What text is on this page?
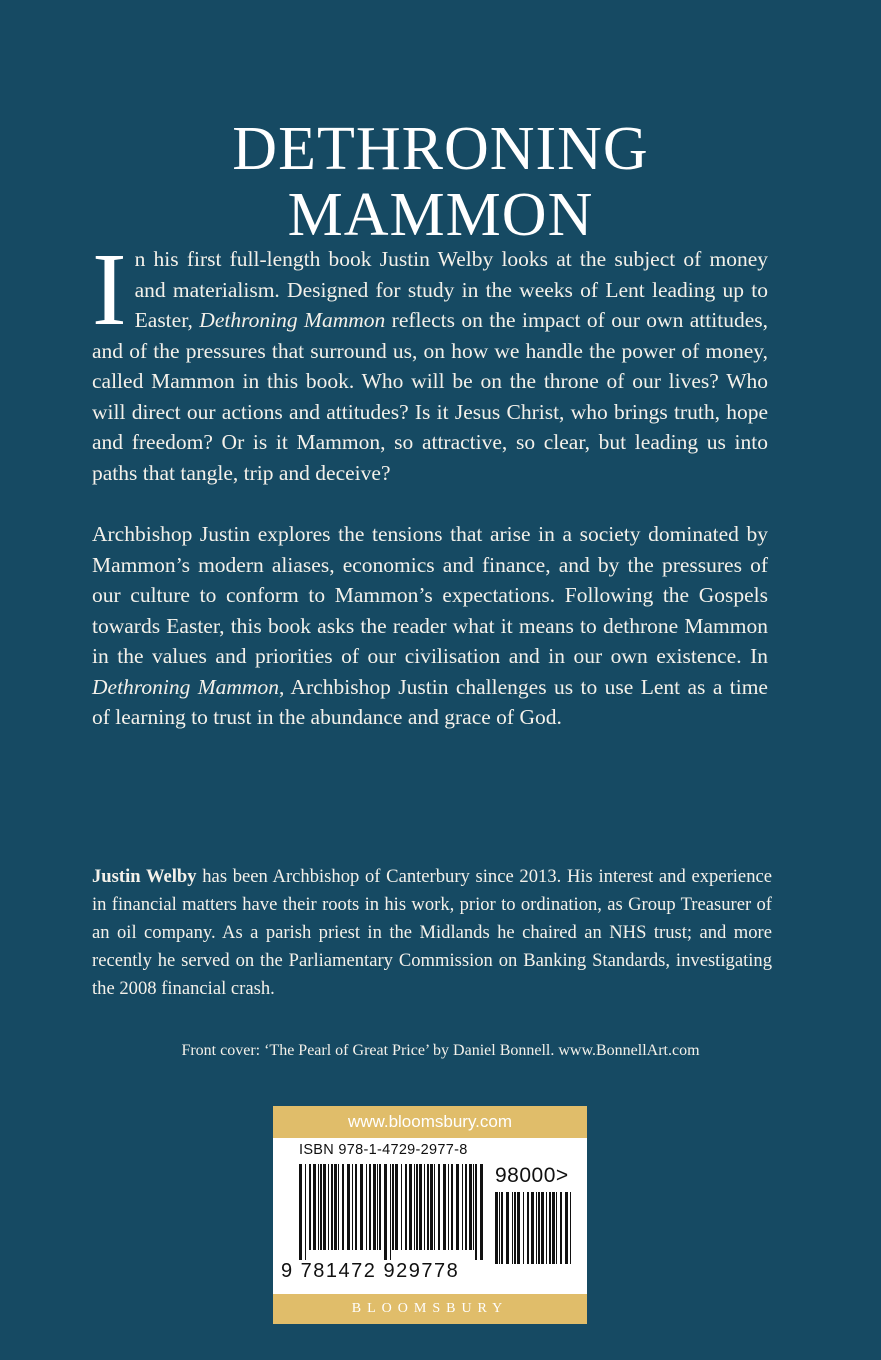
DETHRONING
MAMMON

In his first full-length book Justin Welby looks at the subject of money and materialism. Designed for study in the weeks of Lent leading up to Easter, Dethroning Mammon reflects on the impact of our own attitudes, and of the pressures that surround us, on how we handle the power of money, called Mammon in this book. Who will be on the throne of our lives? Who will direct our actions and attitudes? Is it Jesus Christ, who brings truth, hope and freedom? Or is it Mammon, so attractive, so clear, but leading us into paths that tangle, trip and deceive?

Archbishop Justin explores the tensions that arise in a society dominated by Mammon’s modern aliases, economics and finance, and by the pressures of our culture to conform to Mammon’s expectations. Following the Gospels towards Easter, this book asks the reader what it means to dethrone Mammon in the values and priorities of our civilisation and in our own existence. In Dethroning Mammon, Archbishop Justin challenges us to use Lent as a time of learning to trust in the abundance and grace of God.

Justin Welby has been Archbishop of Canterbury since 2013. His interest and experience in financial matters have their roots in his work, prior to ordination, as Group Treasurer of an oil company. As a parish priest in the Midlands he chaired an NHS trust; and more recently he served on the Parliamentary Commission on Banking Standards, investigating the 2008 financial crash.

Front cover: ‘The Pearl of Great Price’ by Daniel Bonnell. www.BonnellArt.com
www.bloomsbury.com
ISBN 978-1-4729-2977-8
98000>
9 781472 929778
BLOOMSBURY
